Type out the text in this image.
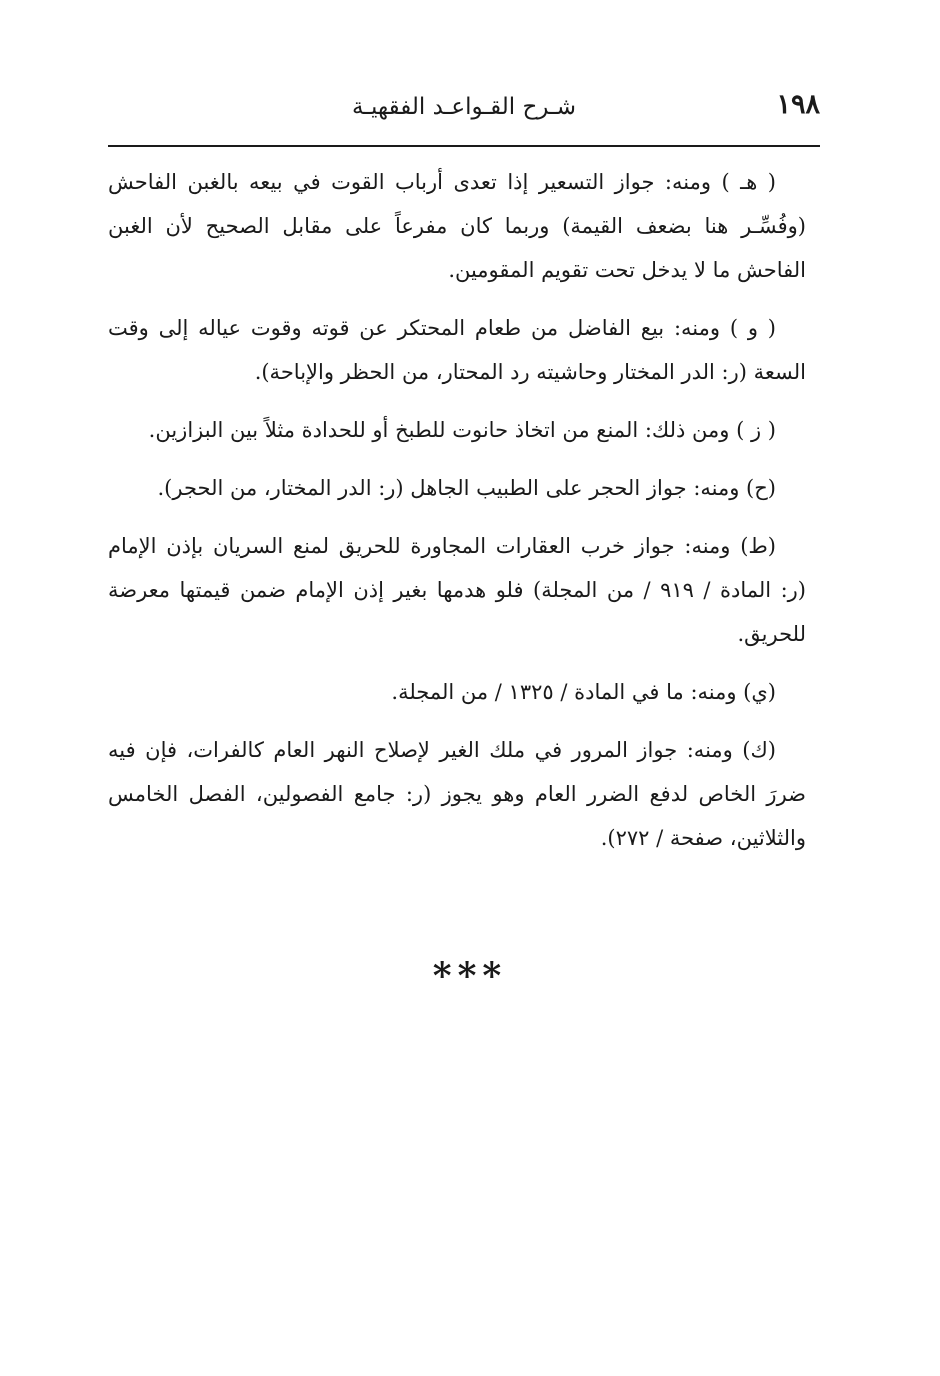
١٩٨
شـرح القـواعـد الفقهيـة

( هـ ) ومنه: جواز التسعير إذا تعدى أرباب القوت في بيعه بالغبن الفاحش (وفُسِّـر هنا بضعف القيمة) وربما كان مفرعاً على مقابل الصحيح لأن الغبن الفاحش ما لا يدخل تحت تقويم المقومين.

( و ) ومنه: بيع الفاضل من طعام المحتكر عن قوته وقوت عياله إلى وقت السعة (ر: الدر المختار وحاشيته رد المحتار، من الحظر والإباحة).

( ز ) ومن ذلك: المنع من اتخاذ حانوت للطبخ أو للحدادة مثلاً بين البزازين.

(ح) ومنه: جواز الحجر على الطبيب الجاهل (ر: الدر المختار، من الحجر).

(ط) ومنه: جواز خرب العقارات المجاورة للحريق لمنع السريان بإذن الإمام (ر: المادة / ٩١٩ / من المجلة) فلو هدمها بغير إذن الإمام ضمن قيمتها معرضة للحريق.

(ي) ومنه: ما في المادة / ١٣٢٥ / من المجلة.

(ك) ومنه: جواز المرور في ملك الغير لإصلاح النهر العام كالفرات، فإن فيه ضررَ الخاص لدفع الضرر العام وهو يجوز (ر: جامع الفصولين، الفصل الخامس والثلاثين، صفحة / ٢٧٢).

***
